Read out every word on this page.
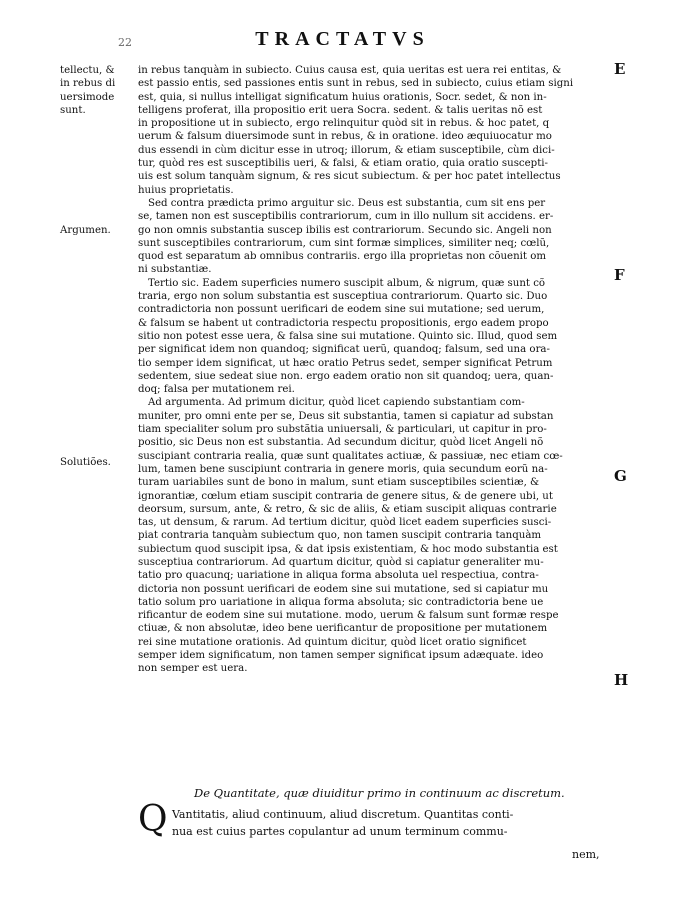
22	TRACTATVS
tellectu, &
in rebus di
uersimode
sunt.
Argumen.
Solutiões.
E
F
G
H
in rebus tanquàm in subiecto. Cuius causa est, quia ueritas est uera rei entitas, &
est passio entis, sed passiones entis sunt in rebus, sed in subiecto, cuius etiam signi
est, quia, si nullus intelligat significatum huius orationis, Socr. sedet, & non in-
telligens proferat, illa propositio erit uera Socra. sedent. & talis ueritas nõ est
in propositione ut in subiecto, ergo relinquitur quòd sit in rebus. & hoc patet, q
uerum & falsum diuersimode sunt in rebus, & in oratione. ideo æquiuocatur mo
dus essendi in cùm dicitur esse in utroq; illorum, & etiam susceptibile, cùm dici-
tur, quòd res est susceptibilis ueri, & falsi, & etiam oratio, quia oratio suscepti-
uis est solum tanquàm signum, & res sicut subiectum. & per hoc patet intellectus
huius proprietatis.
Sed contra prædicta primo arguitur sic. Deus est substantia, cum sit ens per
se, tamen non est susceptibilis contrariorum, cum in illo nullum sit accidens. er-
go non omnis substantia suscep ibilis est contrariorum. Secundo sic. Angeli non
sunt susceptibiles contrariorum, cum sint formæ simplices, similiter neq; cœlũ,
quod est separatum ab omnibus contrariis. ergo illa proprietas non cõuenit om
ni substantiæ.
Tertio sic. Eadem superficies numero suscipit album, & nigrum, quæ sunt cõ
traria, ergo non solum substantia est susceptiua contrariorum. Quarto sic. Duo
contradictoria non possunt uerificari de eodem sine sui mutatione; sed uerum,
& falsum se habent ut contradictoria respectu propositionis, ergo eadem propo
sitio non potest esse uera, & falsa sine sui mutatione. Quinto sic. Illud, quod sem
per significat idem non quandoq; significat uerũ, quandoq; falsum, sed una ora-
tio semper idem significat, ut hæc oratio Petrus sedet, semper significat Petrum
sedentem, siue sedeat siue non. ergo eadem oratio non sit quandoq; uera, quan-
doq; falsa per mutationem rei.
Ad argumenta. Ad primum dicitur, quòd licet capiendo substantiam com-
muniter, pro omni ente per se, Deus sit substantia, tamen si capiatur ad substan
tiam specialiter solum pro substãtia uniuersali, & particulari, ut capitur in pro-
positio, sic Deus non est substantia. Ad secundum dicitur, quòd licet Angeli nõ
suscipiant contraria realia, quæ sunt qualitates actiuæ, & passiuæ, nec etiam cœ-
lum, tamen bene suscipiunt contraria in genere moris, quia secundum eorũ na-
turam uariabiles sunt de bono in malum, sunt etiam susceptibiles scientiæ, &
ignorantiæ, cœlum etiam suscipit contraria de genere situs, & de genere ubi, ut
deorsum, sursum, ante, & retro, & sic de aliis, & etiam suscipit aliquas contrarie
tas, ut densum, & rarum. Ad tertium dicitur, quòd licet eadem superficies susci-
piat contraria tanquàm subiectum quo, non tamen suscipit contraria tanquàm
subiectum quod suscipit ipsa, & dat ipsis existentiam, & hoc modo substantia est
susceptiua contrariorum. Ad quartum dicitur, quòd si capiatur generaliter mu-
tatio pro quacunq; uariatione in aliqua forma absoluta uel respectiua, contra-
dictoria non possunt uerificari de eodem sine sui mutatione, sed si capiatur mu
tatio solum pro uariatione in aliqua forma absoluta; sic contradictoria bene ue
rificantur de eodem sine sui mutatione. modo, uerum & falsum sunt formæ respe
ctiuæ, & non absolutæ, ideo bene uerificantur de propositione per mutationem
rei sine mutatione orationis. Ad quintum dicitur, quòd licet oratio significet
semper idem significatum, non tamen semper significat ipsum adæquate. ideo
non semper est uera.
De Quantitate, quæ diuiditur primo in continuum ac discretum.
Q Vantitatis, aliud continuum, aliud discretum. Quantitas conti-
nua est cuius partes copulantur ad unum terminum commu-
nem,
